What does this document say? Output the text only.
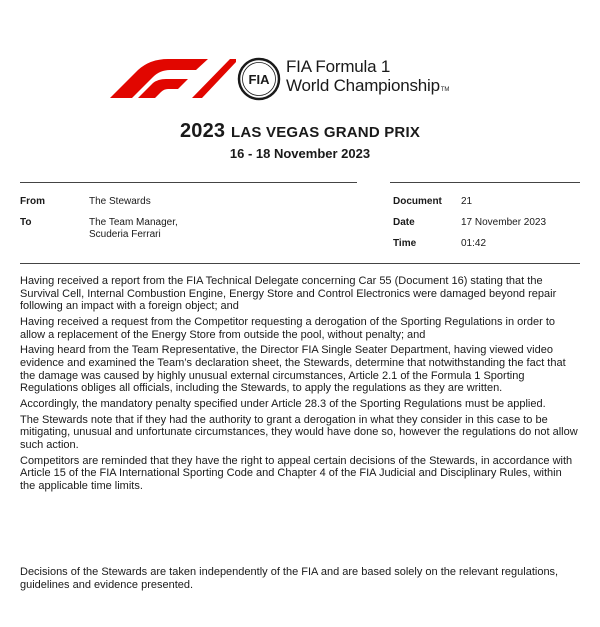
FIA
FIA Formula 1
World ChampionshipTM
2023 LAS VEGAS GRAND PRIX
16 - 18 November 2023
From	The Stewards
To	The Team Manager,
Scuderia Ferrari
Document 21
Date	17 November 2023
Time	01:42

Having received a report from the FIA Technical Delegate concerning Car 55 (Document 16) stating that the Survival Cell, Internal Combustion Engine, Energy Store and Control Electronics were damaged beyond repair following an impact with a foreign object; and

Having received a request from the Competitor requesting a derogation of the Sporting Regulations in order to allow a replacement of the Energy Store from outside the pool, without penalty; and

Having heard from the Team Representative, the Director FIA Single Seater Department, having viewed video evidence and examined the Team’s declaration sheet, the Stewards, determine that notwithstanding the fact that the damage was caused by highly unusual external circumstances, Article 2.1 of the Formula 1 Sporting Regulations obliges all officials, including the Stewards, to apply the regulations as they are written.

Accordingly, the mandatory penalty specified under Article 28.3 of the Sporting Regulations must be applied.

The Stewards note that if they had the authority to grant a derogation in what they consider in this case to be mitigating, unusual and unfortunate circumstances, they would have done so, however the regulations do not allow such action.

Competitors are reminded that they have the right to appeal certain decisions of the Stewards, in accordance with Article 15 of the FIA International Sporting Code and Chapter 4 of the FIA Judicial and Disciplinary Rules, within the applicable time limits.

Decisions of the Stewards are taken independently of the FIA and are based solely on the relevant regulations, guidelines and evidence presented.
